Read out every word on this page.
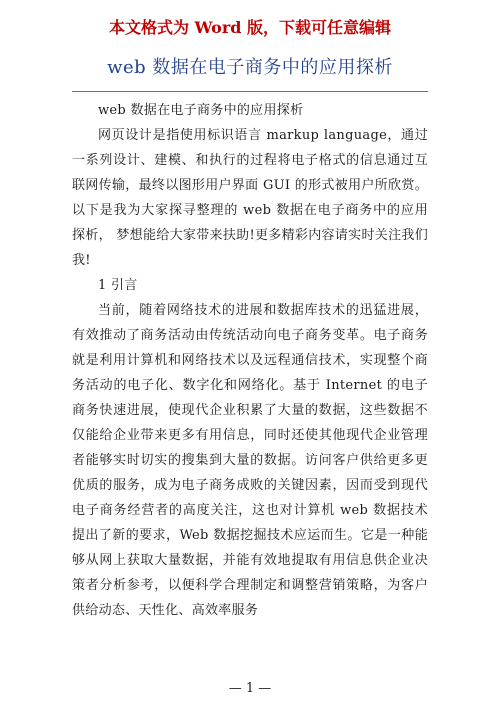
本文格式为 Word 版，下载可任意编辑
web 数据在电子商务中的应用探析

web 数据在电子商务中的应用探析

网页设计是指使用标识语言 markup language，通过一系列设计、建模、和执行的过程将电子格式的信息通过互联网传输，最终以图形用户界面 GUI 的形式被用户所欣赏。以下是我为大家探寻整理的 web 数据在电子商务中的应用探析， 梦想能给大家带来扶助!更多精彩内容请实时关注我们我!

1 引言

当前，随着网络技术的进展和数据库技术的迅猛进展，有效推动了商务活动由传统活动向电子商务变革。电子商务就是利用计算机和网络技术以及远程通信技术，实现整个商务活动的电子化、数字化和网络化。基于 Internet 的电子商务快速进展，使现代企业积累了大量的数据，这些数据不仅能给企业带来更多有用信息，同时还使其他现代企业管理者能够实时切实的搜集到大量的数据。访问客户供给更多更优质的服务，成为电子商务成败的关键因素，因而受到现代电子商务经营者的高度关注，这也对计算机 web 数据技术提出了新的要求，Web 数据挖掘技术应运而生。它是一种能够从网上获取大量数据，并能有效地提取有用信息供企业决策者分析参考，以便科学合理制定和调整营销策略，为客户供给动态、天性化、高效率服务

— 1 —
